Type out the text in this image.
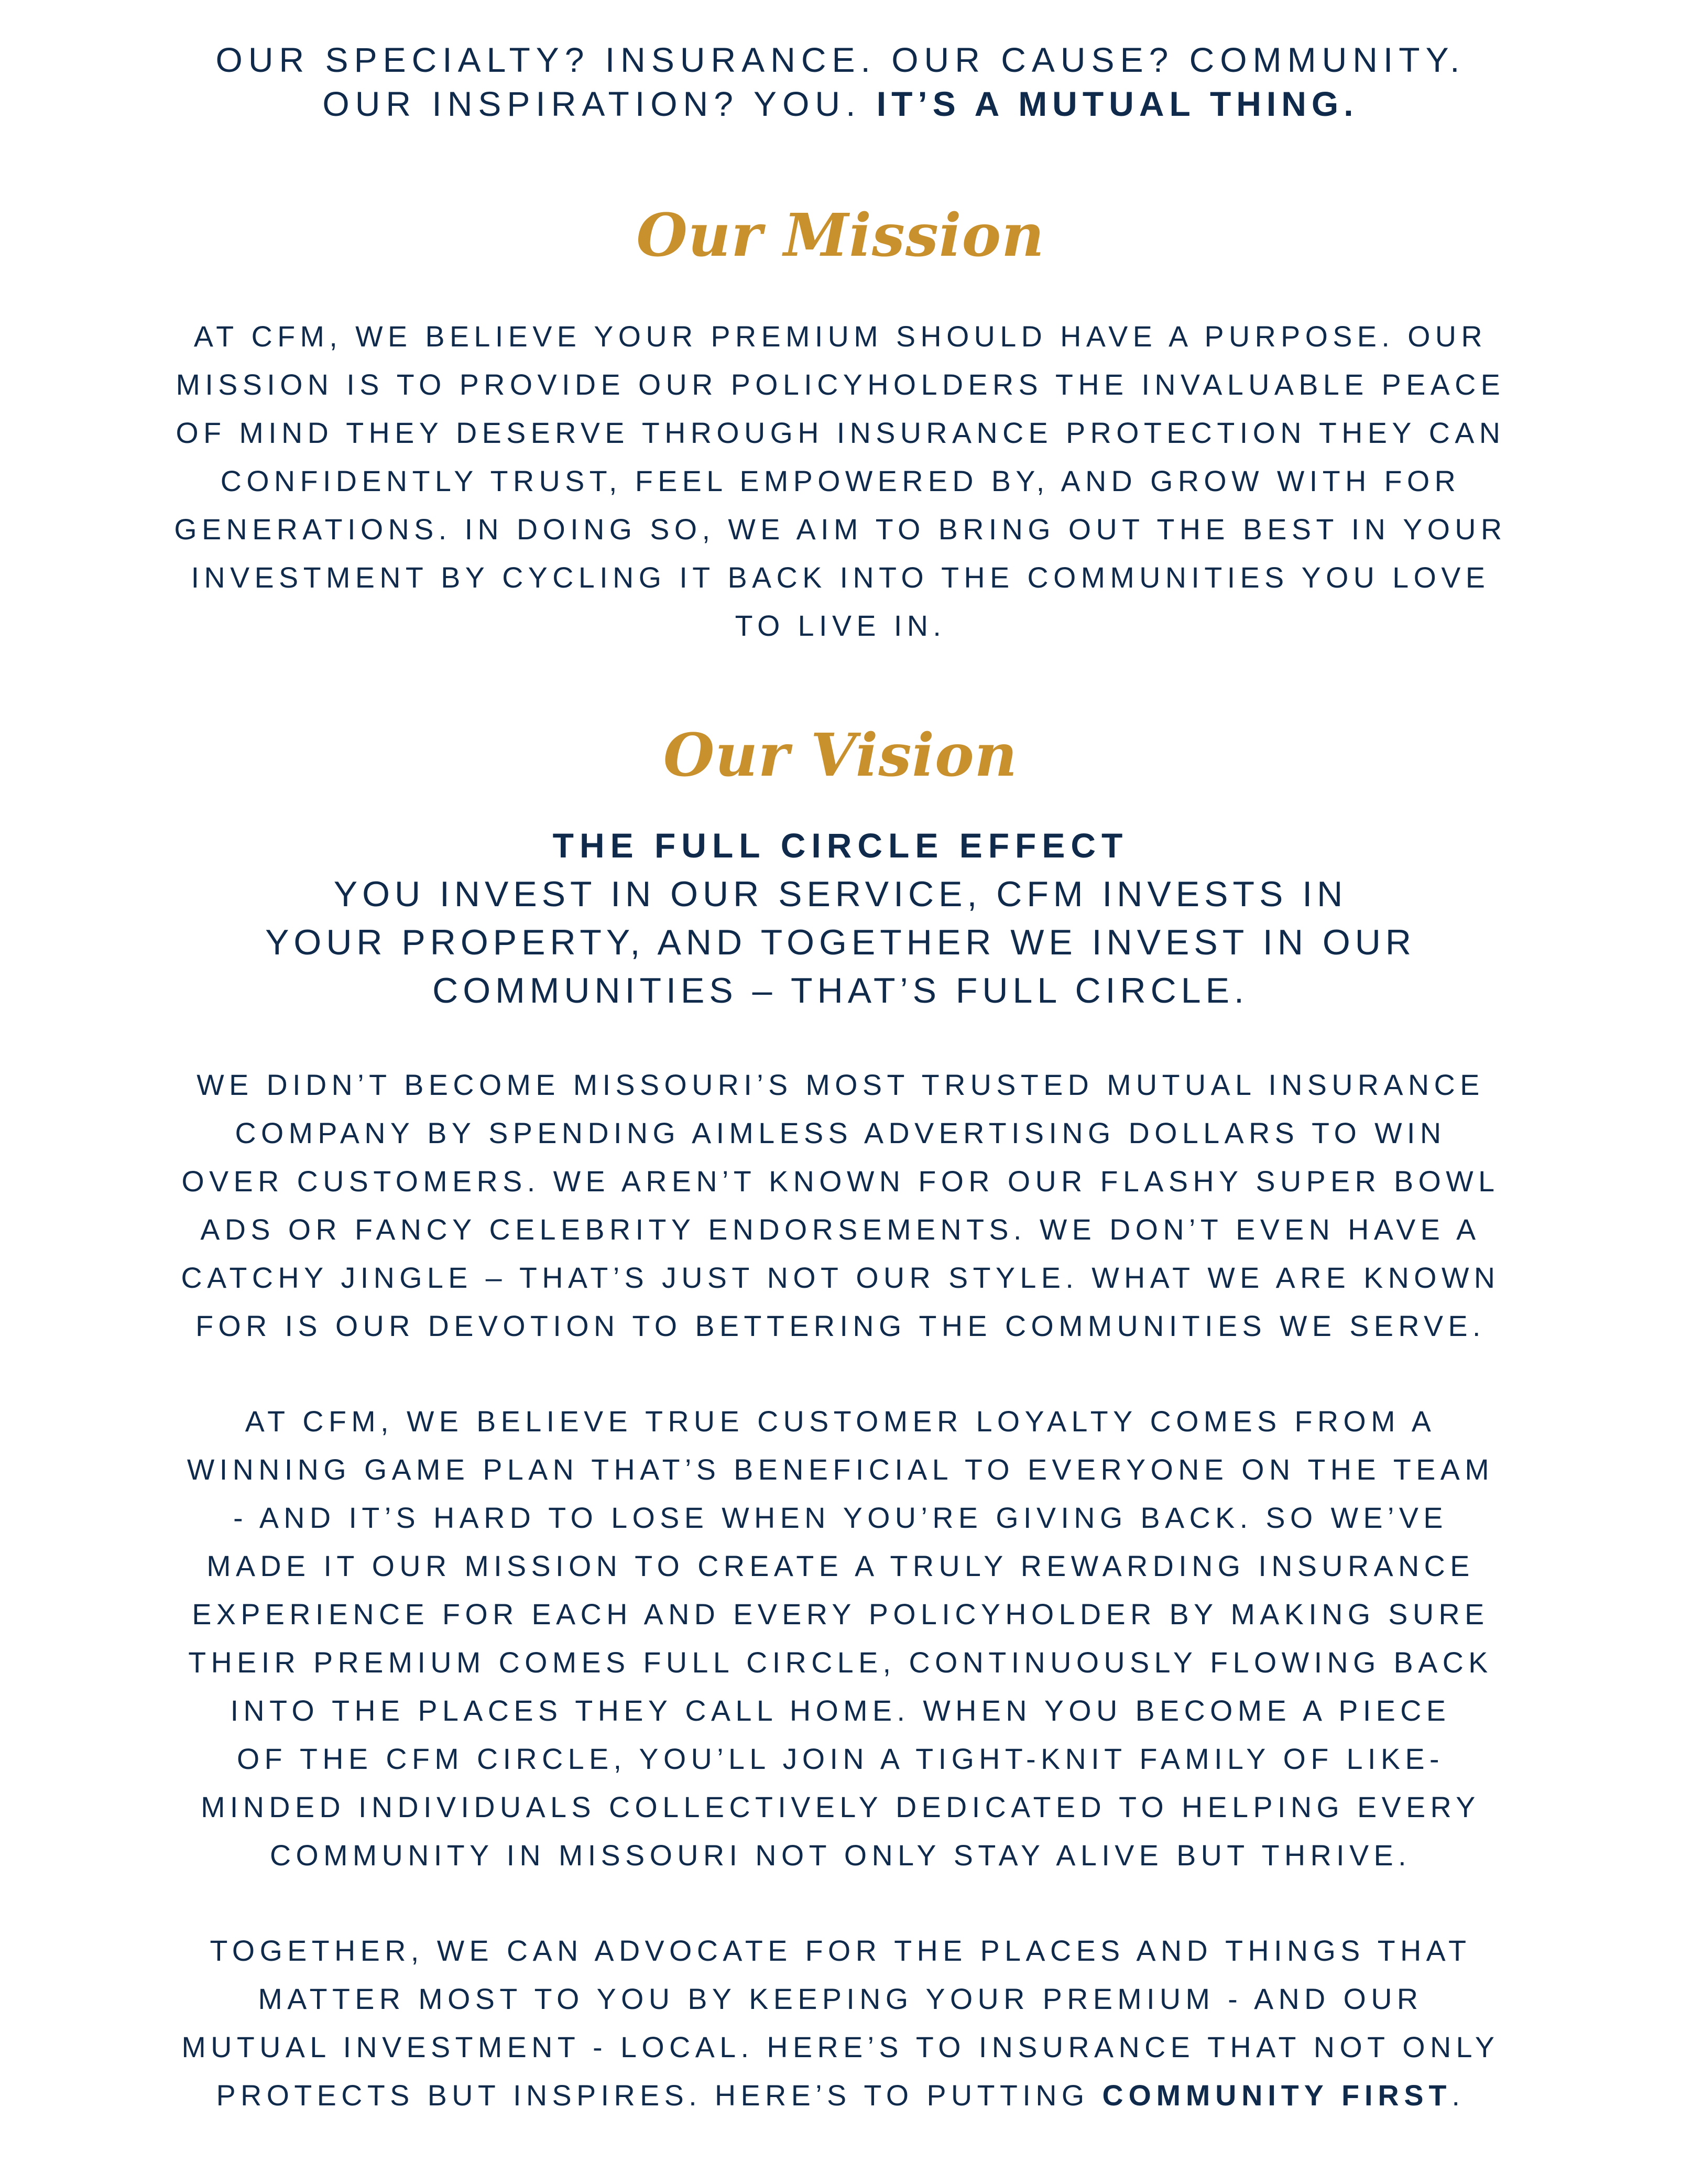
OUR SPECIALTY? INSURANCE. OUR CAUSE? COMMUNITY.
OUR INSPIRATION? YOU. IT’S A MUTUAL THING.
Our Mission
AT CFM, WE BELIEVE YOUR PREMIUM SHOULD HAVE A PURPOSE. OUR
MISSION IS TO PROVIDE OUR POLICYHOLDERS THE INVALUABLE PEACE
OF MIND THEY DESERVE THROUGH INSURANCE PROTECTION THEY CAN
CONFIDENTLY TRUST, FEEL EMPOWERED BY, AND GROW WITH FOR
GENERATIONS. IN DOING SO, WE AIM TO BRING OUT THE BEST IN YOUR
INVESTMENT BY CYCLING IT BACK INTO THE COMMUNITIES YOU LOVE
TO LIVE IN.
Our Vision
THE FULL CIRCLE EFFECT
YOU INVEST IN OUR SERVICE, CFM INVESTS IN
YOUR PROPERTY, AND TOGETHER WE INVEST IN OUR
COMMUNITIES – THAT’S FULL CIRCLE.
WE DIDN’T BECOME MISSOURI’S MOST TRUSTED MUTUAL INSURANCE
COMPANY BY SPENDING AIMLESS ADVERTISING DOLLARS TO WIN
OVER CUSTOMERS. WE AREN’T KNOWN FOR OUR FLASHY SUPER BOWL
ADS OR FANCY CELEBRITY ENDORSEMENTS. WE DON’T EVEN HAVE A
CATCHY JINGLE – THAT’S JUST NOT OUR STYLE. WHAT WE ARE KNOWN
FOR IS OUR DEVOTION TO BETTERING THE COMMUNITIES WE SERVE.
AT CFM, WE BELIEVE TRUE CUSTOMER LOYALTY COMES FROM A
WINNING GAME PLAN THAT’S BENEFICIAL TO EVERYONE ON THE TEAM
- AND IT’S HARD TO LOSE WHEN YOU’RE GIVING BACK. SO WE’VE
MADE IT OUR MISSION TO CREATE A TRULY REWARDING INSURANCE
EXPERIENCE FOR EACH AND EVERY POLICYHOLDER BY MAKING SURE
THEIR PREMIUM COMES FULL CIRCLE, CONTINUOUSLY FLOWING BACK
INTO THE PLACES THEY CALL HOME. WHEN YOU BECOME A PIECE
OF THE CFM CIRCLE, YOU’LL JOIN A TIGHT-KNIT FAMILY OF LIKE-
MINDED INDIVIDUALS COLLECTIVELY DEDICATED TO HELPING EVERY
COMMUNITY IN MISSOURI NOT ONLY STAY ALIVE BUT THRIVE.
TOGETHER, WE CAN ADVOCATE FOR THE PLACES AND THINGS THAT
MATTER MOST TO YOU BY KEEPING YOUR PREMIUM - AND OUR
MUTUAL INVESTMENT - LOCAL. HERE’S TO INSURANCE THAT NOT ONLY
PROTECTS BUT INSPIRES. HERE’S TO PUTTING COMMUNITY FIRST.
